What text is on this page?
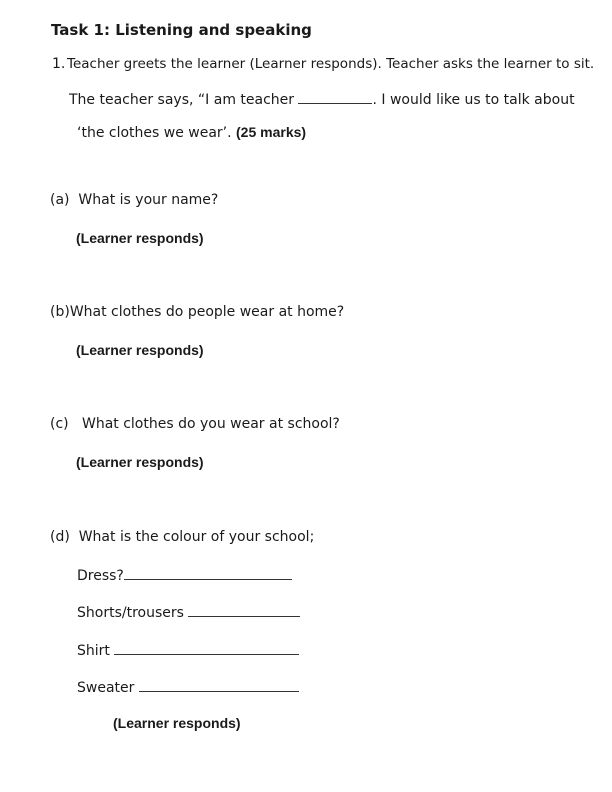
Task 1: Listening and speaking
1. Teacher greets the learner (Learner responds). Teacher asks the learner to sit.
The teacher says, “I am teacher	. I would like us to talk about
‘the clothes we wear’. (25 marks)
(a) What is your name?
(Learner responds)
(b)What clothes do people wear at home?
(Learner responds)
(c) What clothes do you wear at school?
(Learner responds)
(d) What is the colour of your school;
Dress?
Shorts/trousers
Shirt
Sweater
(Learner responds)
